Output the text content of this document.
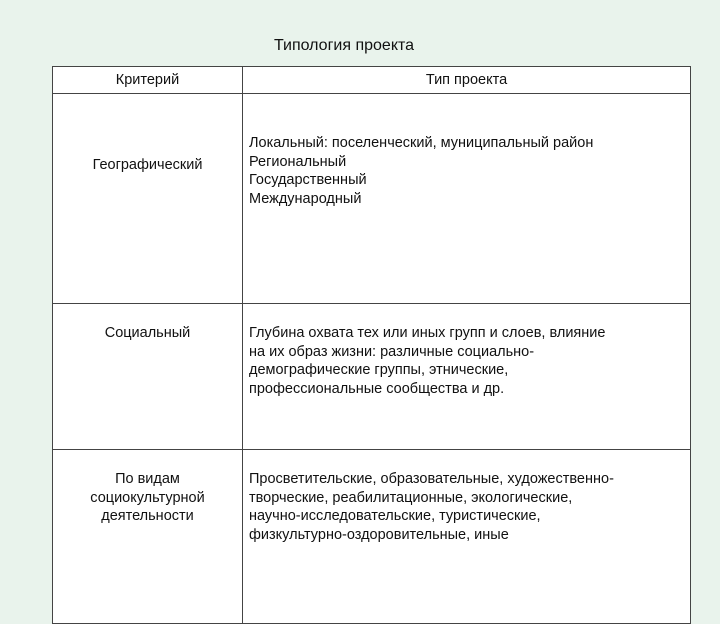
Типология проекта
Критерий	Тип проекта

Географический	Локальный: поселенческий, муниципальный район
Региональный
Государственный
Международный

Социальный	Глубина охвата тех или иных групп и слоев, влияние
на их образ жизни: различные социально-
демографические группы, этнические,
профессиональные сообщества и др.

По видам
социокультурной
деятельности	Просветительские, образовательные, художественно-
творческие, реабилитационные, экологические,
научно-исследовательские, туристические,
физкультурно-оздоровительные, иные
